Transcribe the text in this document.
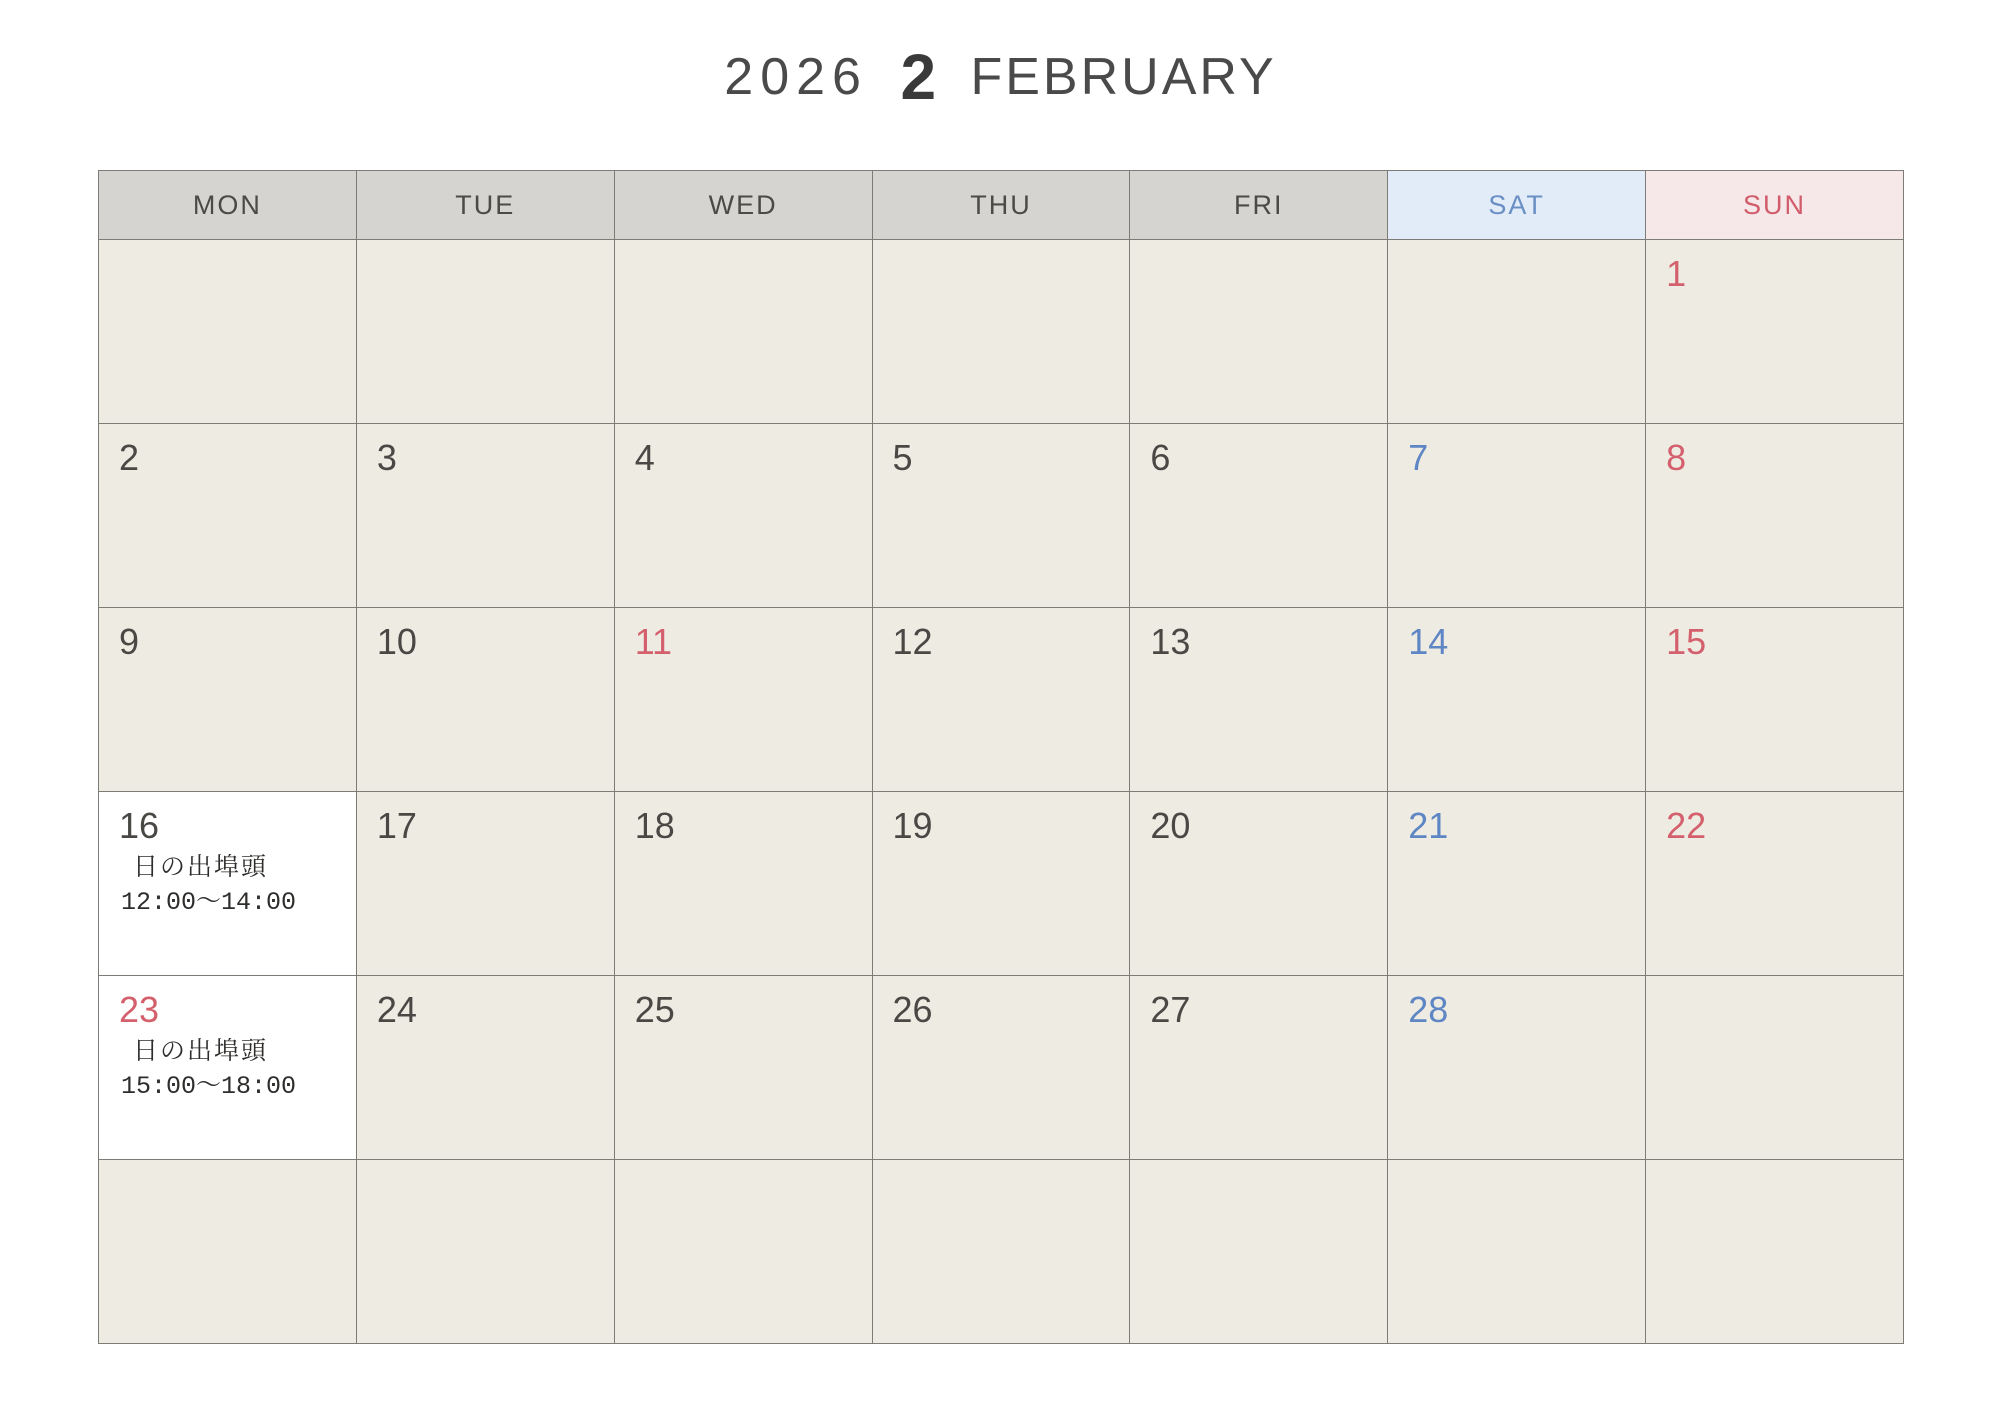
2026 2 FEBRUARY
MON	TUE	WED	THU	FRI	SAT	SUN

						1

2	3	4	5	6	7	8

9	10	11	12	13	14	15

16
日の出埠頭
12:00〜14:00	17	18	19	20	21	22

23
日の出埠頭
15:00〜18:00	24	25	26	27	28	
